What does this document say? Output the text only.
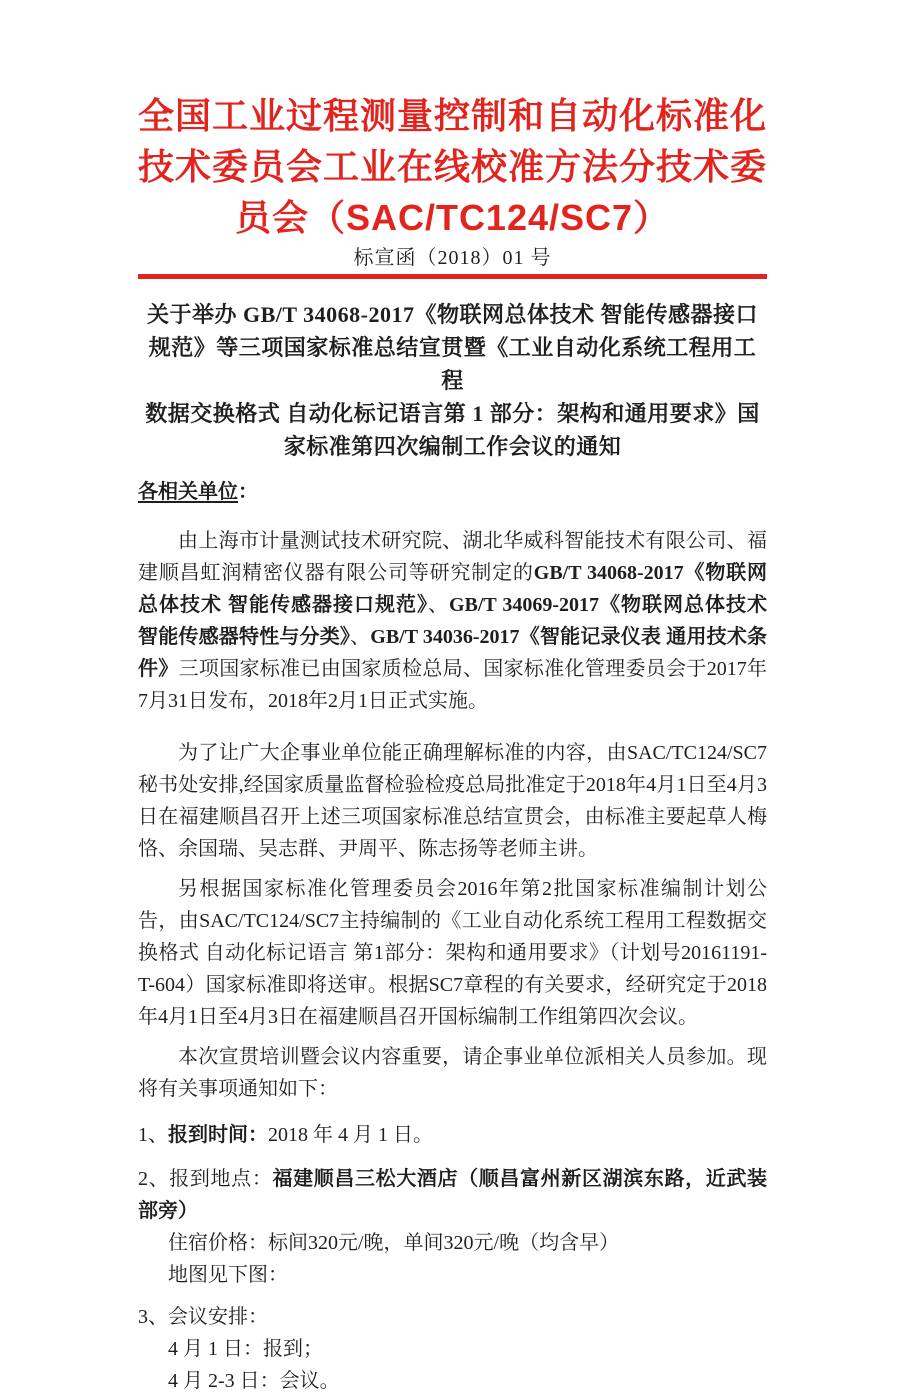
全国工业过程测量控制和自动化标准化
技术委员会工业在线校准方法分技术委
员会（SAC/TC124/SC7）
标宣函（2018）01 号
关于举办 GB/T 34068-2017《物联网总体技术 智能传感器接口
规范》等三项国家标准总结宣贯暨《工业自动化系统工程用工程
数据交换格式 自动化标记语言第 1 部分：架构和通用要求》国
家标准第四次编制工作会议的通知
各相关单位：

由上海市计量测试技术研究院、湖北华威科智能技术有限公司、福建顺昌虹润精密仪器有限公司等研究制定的GB/T 34068-2017《物联网总体技术 智能传感器接口规范》、GB/T 34069-2017《物联网总体技术 智能传感器特性与分类》、GB/T 34036-2017《智能记录仪表 通用技术条件》三项国家标准已由国家质检总局、国家标准化管理委员会于2017年7月31日发布，2018年2月1日正式实施。

为了让广大企事业单位能正确理解标准的内容，由SAC/TC124/SC7秘书处安排,经国家质量监督检验检疫总局批准定于2018年4月1日至4月3日在福建顺昌召开上述三项国家标准总结宣贯会，由标准主要起草人梅恪、余国瑞、吴志群、尹周平、陈志扬等老师主讲。

另根据国家标准化管理委员会2016年第2批国家标准编制计划公告，由SAC/TC124/SC7主持编制的《工业自动化系统工程用工程数据交换格式 自动化标记语言 第1部分：架构和通用要求》（计划号20161191-T-604）国家标准即将送审。根据SC7章程的有关要求，经研究定于2018年4月1日至4月3日在福建顺昌召开国标编制工作组第四次会议。

本次宣贯培训暨会议内容重要，请企事业单位派相关人员参加。现将有关事项通知如下：

1、报到时间：2018 年 4 月 1 日。
2、报到地点：福建顺昌三松大酒店（顺昌富州新区湖滨东路，近武装部旁）
住宿价格：标间320元/晚，单间320元/晚（均含早）
地图见下图：
3、会议安排：
4 月 1 日：报到；
4 月 2-3 日：会议。
